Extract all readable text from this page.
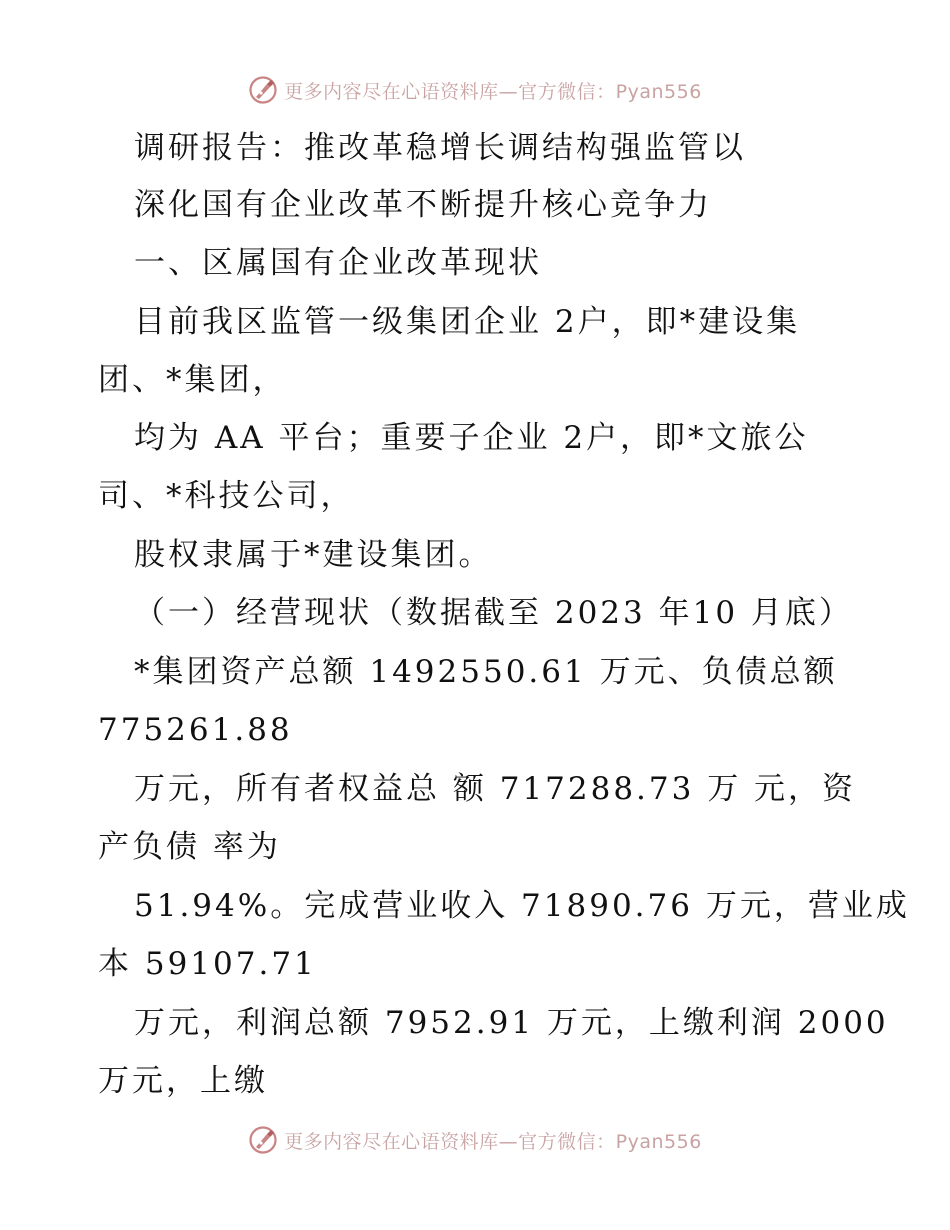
更多内容尽在心语资料库—官方微信：Pyan556
调研报告：推改革稳增长调结构强监管以
深化国有企业改革不断提升核心竞争力
一、区属国有企业改革现状
目前我区监管一级集团企业 2户，即*建设集
团、*集团，
均为 AA 平台；重要子企业 2户，即*文旅公
司、*科技公司，
股权隶属于*建设集团。
（一）经营现状（数据截至 2023 年10 月底）
*集团资产总额 1492550.61 万元、负债总额
775261.88
万元，所有者权益总 额 717288.73 万 元，资
产负债 率为
51.94%。完成营业收入 71890.76 万元，营业成
本 59107.71
万元，利润总额 7952.91 万元，上缴利润 2000
万元，上缴
更多内容尽在心语资料库—官方微信：Pyan556
